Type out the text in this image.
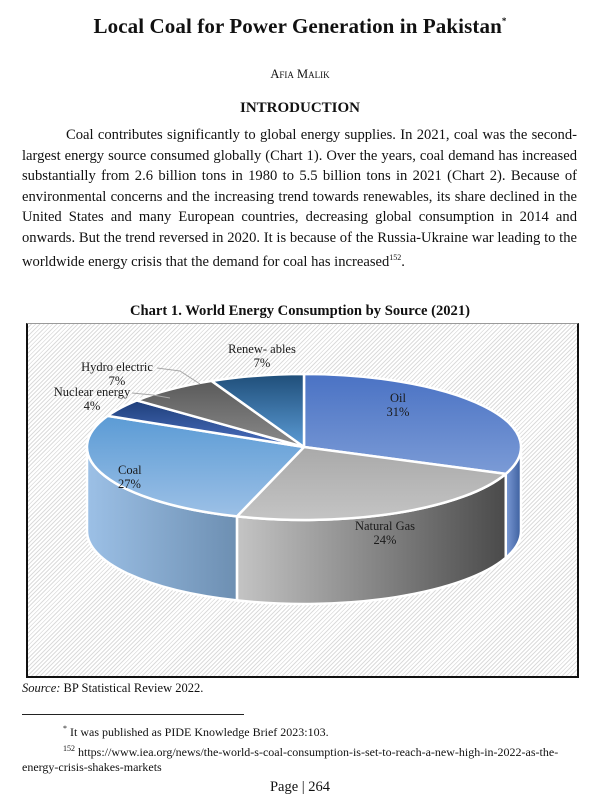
Local Coal for Power Generation in Pakistan*
Afia Malik
INTRODUCTION
Coal contributes significantly to global energy supplies. In 2021, coal was the second-largest energy source consumed globally (Chart 1). Over the years, coal demand has increased substantially from 2.6 billion tons in 1980 to 5.5 billion tons in 2021 (Chart 2). Because of environmental concerns and the increasing trend towards renewables, its share declined in the United States and many European countries, decreasing global consumption in 2014 and onwards. But the trend reversed in 2020. It is because of the Russia-Ukraine war leading to the worldwide energy crisis that the demand for coal has increased$^{152}$.
Chart 1. World Energy Consumption by Source (2021)
Oil
31%
Natural Gas
24%
Coal
27%
Nuclear energy
4%
Hydro electric
7%
Renew- ables
7%
Source: BP Statistical Review 2022.
* It was published as PIDE Knowledge Brief 2023:103.
$^{152}$ https://www.iea.org/news/the-world-s-coal-consumption-is-set-to-reach-a-new-high-in-2022-as-the-energy-crisis-shakes-markets
Page | 264
